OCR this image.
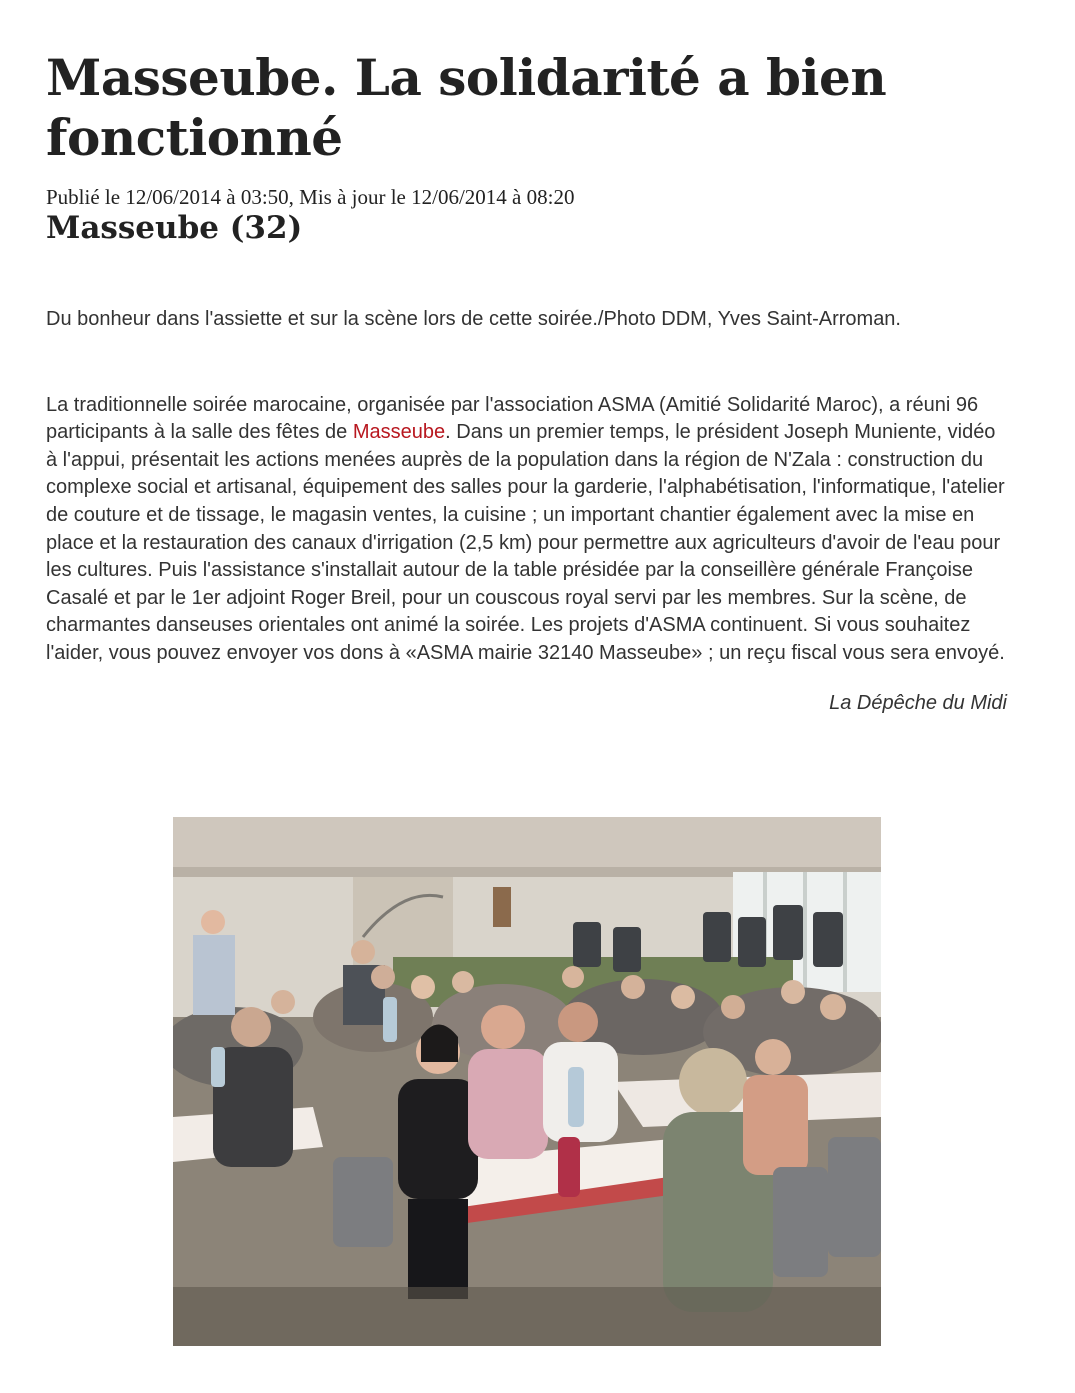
Masseube. La solidarité a bien fonctionné
Publié le 12/06/2014 à 03:50, Mis à jour le 12/06/2014 à 08:20
Masseube (32)
Du bonheur dans l'assiette et sur la scène lors de cette soirée./Photo DDM, Yves Saint-Arroman.
La traditionnelle soirée marocaine, organisée par l'association ASMA (Amitié Solidarité Maroc), a réuni 96 participants à la salle des fêtes de Masseube. Dans un premier temps, le président Joseph Muniente, vidéo à l'appui, présentait les actions menées auprès de la population dans la région de N'Zala : construction du complexe social et artisanal, équipement des salles pour la garderie, l'alphabétisation, l'informatique, l'atelier de couture et de tissage, le magasin ventes, la cuisine ; un important chantier également avec la mise en place et la restauration des canaux d'irrigation (2,5 km) pour permettre aux agriculteurs d'avoir de l'eau pour les cultures. Puis l'assistance s'installait autour de la table présidée par la conseillère générale Françoise Casalé et par le 1er adjoint Roger Breil, pour un couscous royal servi par les membres. Sur la scène, de charmantes danseuses orientales ont animé la soirée. Les projets d'ASMA continuent. Si vous souhaitez l'aider, vous pouvez envoyer vos dons à «ASMA mairie 32140 Masseube» ; un reçu fiscal vous sera envoyé.
La Dépêche du Midi
